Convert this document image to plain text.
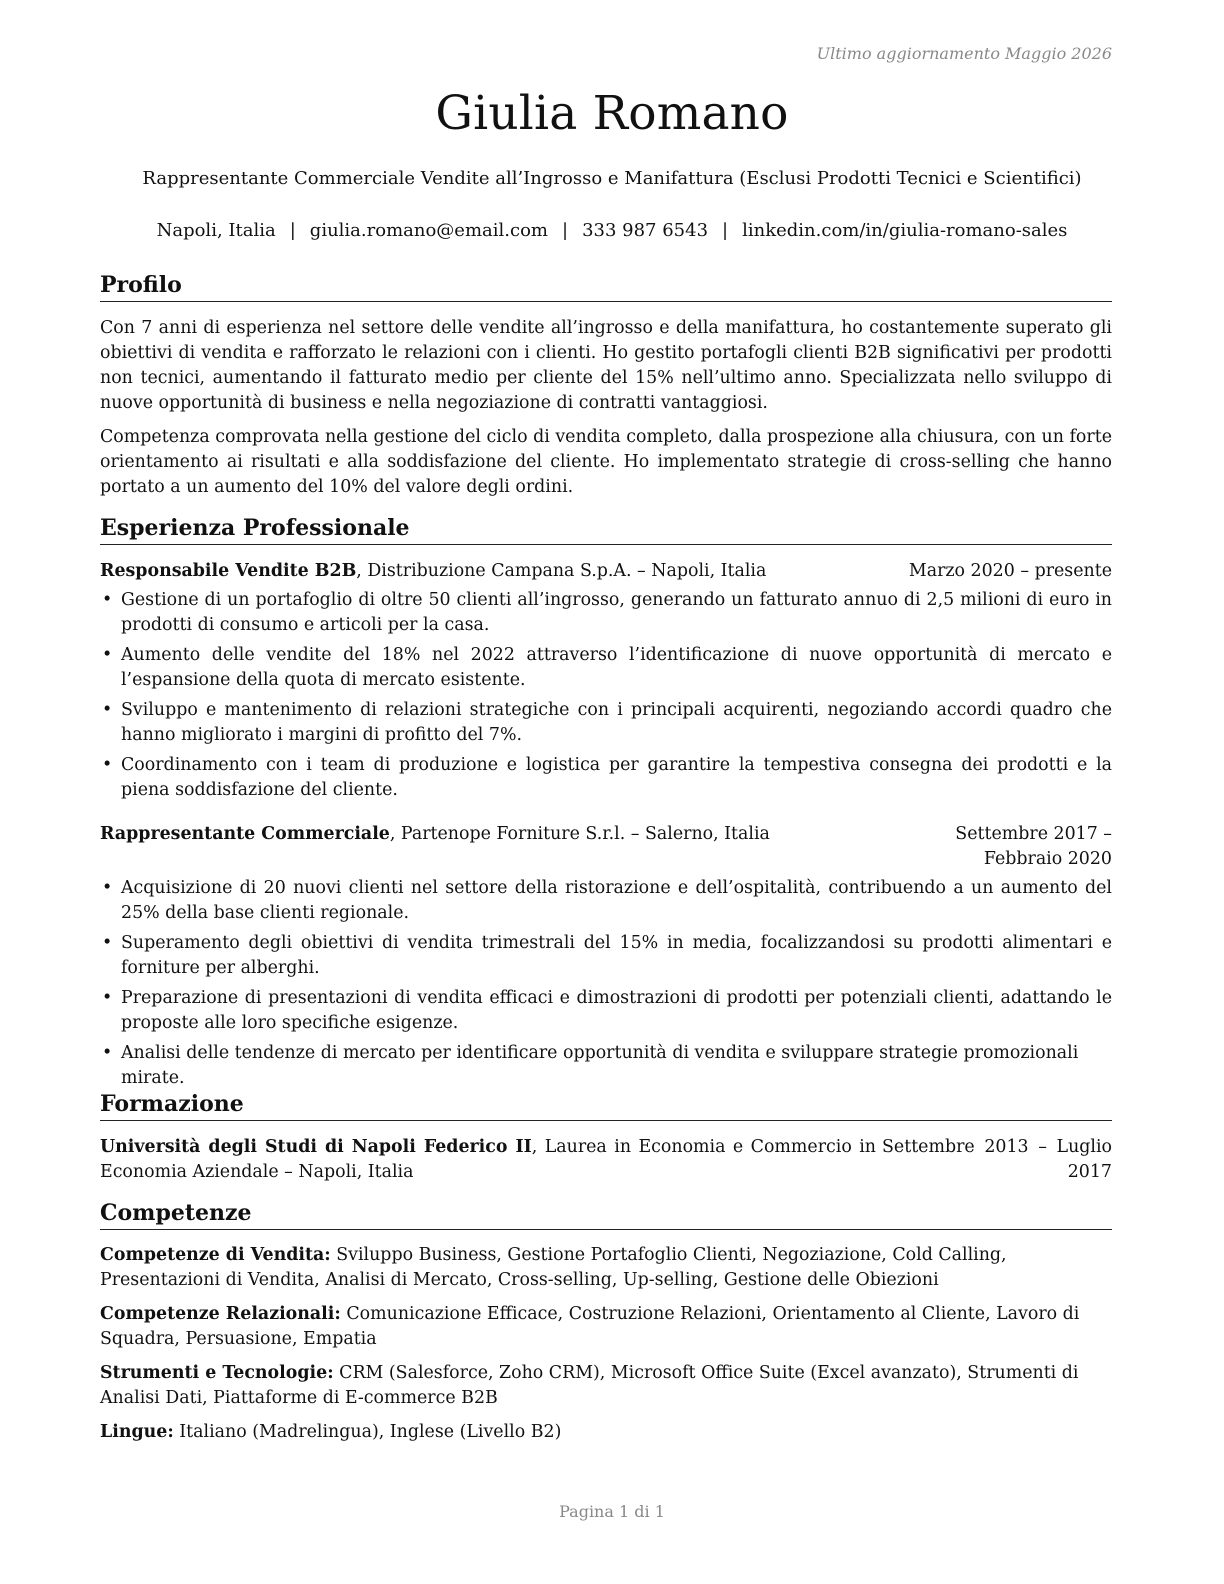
Ultimo aggiornamento Maggio 2026
Giulia Romano
Rappresentante Commerciale Vendite all’Ingrosso e Manifattura (Esclusi Prodotti Tecnici e Scientifici)
Napoli, Italia | giulia.romano@email.com | 333 987 6543 | linkedin.com/in/giulia-romano-sales
Profilo

Con 7 anni di esperienza nel settore delle vendite all’ingrosso e della manifattura, ho costantemente superato gli obiettivi di vendita e rafforzato le relazioni con i clienti. Ho gestito portafogli clienti B2B significativi per prodotti non tecnici, aumentando il fatturato medio per cliente del 15% nell’ultimo anno. Specializzata nello sviluppo di nuove opportunità di business e nella negoziazione di contratti vantaggiosi.

Competenza comprovata nella gestione del ciclo di vendita completo, dalla prospezione alla chiusura, con un forte orientamento ai risultati e alla soddisfazione del cliente. Ho implementato strategie di cross-selling che hanno portato a un aumento del 10% del valore degli ordini.

Esperienza Professionale
Responsabile Vendite B2B, Distribuzione Campana S.p.A. – Napoli, Italia	Marzo 2020 – presente
• Gestione di un portafoglio di oltre 50 clienti all’ingrosso, generando un fatturato annuo di 2,5 milioni di euro in prodotti di consumo e articoli per la casa.
• Aumento delle vendite del 18% nel 2022 attraverso l’identificazione di nuove opportunità di mercato e l’espansione della quota di mercato esistente.
• Sviluppo e mantenimento di relazioni strategiche con i principali acquirenti, negoziando accordi quadro che hanno migliorato i margini di profitto del 7%.
• Coordinamento con i team di produzione e logistica per garantire la tempestiva consegna dei prodotti e la piena soddisfazione del cliente.
Rappresentante Commerciale, Partenope Forniture S.r.l. – Salerno, Italia	Settembre 2017 – Febbraio 2020
• Acquisizione di 20 nuovi clienti nel settore della ristorazione e dell’ospitalità, contribuendo a un aumento del 25% della base clienti regionale.
• Superamento degli obiettivi di vendita trimestrali del 15% in media, focalizzandosi su prodotti alimentari e forniture per alberghi.
• Preparazione di presentazioni di vendita efficaci e dimostrazioni di prodotti per potenziali clienti, adattando le proposte alle loro specifiche esigenze.
• Analisi delle tendenze di mercato per identificare opportunità di vendita e sviluppare strategie promozionali mirate.
Formazione
Università degli Studi di Napoli Federico II, Laurea in Economia e Commercio in Economia Aziendale – Napoli, Italia
Settembre 2013 – Luglio 2017
Competenze

Competenze di Vendita: Sviluppo Business, Gestione Portafoglio Clienti, Negoziazione, Cold Calling, Presentazioni di Vendita, Analisi di Mercato, Cross-selling, Up-selling, Gestione delle Obiezioni

Competenze Relazionali: Comunicazione Efficace, Costruzione Relazioni, Orientamento al Cliente, Lavoro di Squadra, Persuasione, Empatia

Strumenti e Tecnologie: CRM (Salesforce, Zoho CRM), Microsoft Office Suite (Excel avanzato), Strumenti di Analisi Dati, Piattaforme di E-commerce B2B

Lingue: Italiano (Madrelingua), Inglese (Livello B2)

Pagina 1 di 1
